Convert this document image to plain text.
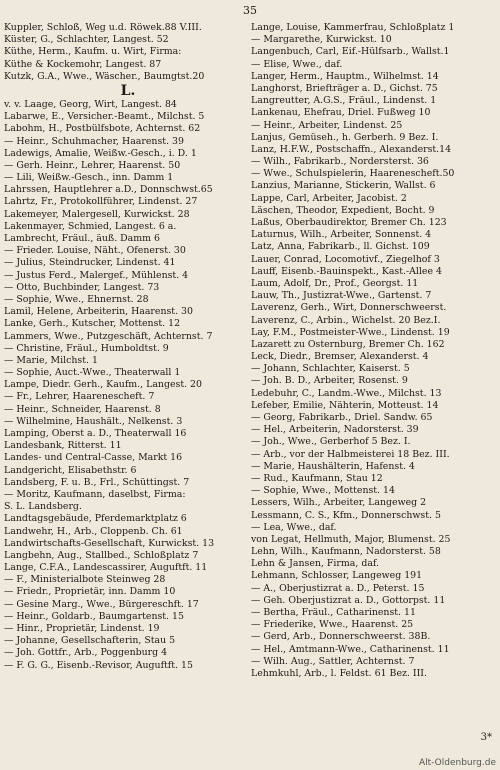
35
Kuppler, Schloß, Weg u.d. Röwek.88 V.III.
Küster, G., Schlachter, Langest. 52
Küthe, Herm., Kaufm. u. Wirt, Firma:
Küthe & Kockemohr, Langest. 87
Kutzk, G.A., Wwe., Wäscher., Baumgtst.20
L.
v. v. Laage, Georg, Wirt, Langest. 84
Labarwe, E., Versicher.-Beamt., Milchst. 5
Labohm, H., Postbülfsbote, Achternst. 62
— Heinr., Schuhmacher, Haarenst. 39
Ladewigs, Amalie, Weißw.-Gesch., i. D. 1
— Gerh. Heinr., Lehrer, Haarenst. 50
— Lili, Weißw.-Gesch., inn. Damm 1
Lahrssen, Hauptlehrer a.D., Donnschwst.65
Lahrtz, Fr., Protokollführer, Lindenst. 27
Lakemeyer, Malergesell, Kurwickst. 28
Lakenmayer, Schmied, Langest. 6 a.
Lambrecht, Fräul., äuß. Damm 6
— Frieder. Louise, Näht., Ofenerst. 30
— Julius, Steindrucker, Lindenst. 41
— Justus Ferd., Malergef., Mühlenst. 4
— Otto, Buchbinder, Langest. 73
— Sophie, Wwe., Ehnernst. 28
Lamil, Helene, Arbeiterin, Haarenst. 30
Lanke, Gerh., Kutscher, Mottenst. 12
Lammers, Wwe., Putzgeschäft, Achternst. 7
— Christine, Fräul., Humboldtst. 9
— Marie, Milchst. 1
— Sophie, Auct.-Wwe., Theaterwall 1
Lampe, Diedr. Gerh., Kaufm., Langest. 20
— Fr., Lehrer, Haarenescheft. 7
— Heinr., Schneider, Haarenst. 8
— Wilhelmine, Haushält., Nelkenst. 3
Lamping, Oberst a. D., Theaterwall 16
Landesbank, Ritterst. 11
Landes- und Central-Casse, Markt 16
Landgericht, Elisabethstr. 6
Landsberg, F. u. B., Frl., Schüttingst. 7
— Moritz, Kaufmann, daselbst, Firma:
S. L. Landsberg.
Landtagsgebäude, Pferdemarktplatz 6
Landwehr, H., Arb., Cloppenb. Ch. 61
Landwirtschafts-Gesellschaft, Kurwickst. 13
Langbehn, Aug., Stallbed., Schloßplatz 7
Lange, C.F.A., Landescassirer, Auguftft. 11
— F., Ministerialbote Steinweg 28
— Friedr., Proprietär, inn. Damm 10
— Gesine Marg., Wwe., Bürgereschft. 17
— Heinr., Goldarb., Baumgartenst. 15
— Hinr., Proprietär, Lindenst. 19
— Johanne, Gesellschafterin, Stau 5
— Joh. Gottfr., Arb., Poggenburg 4
— F. G. G., Eisenb.-Revisor, Auguftft. 15
Lange, Louise, Kammerfrau, Schloßplatz 1
— Margarethe, Kurwickst. 10
Langenbuch, Carl, Eif.-Hülfsarb., Wallst.1
— Elise, Wwe., daf.
Langer, Herm., Hauptm., Wilhelmst. 14
Langhorst, Briefträger a. D., Gichst. 75
Langreutter, A.G.S., Fräul., Lindenst. 1
Lankenau, Ehefrau, Driel. Fußweg 10
— Heinr., Arbeiter, Lindenst. 25
Lanjus, Gemüseh., h. Gerberh. 9 Bez. I.
Lanz, H.F.W., Postschaffn., Alexanderst.14
— Wilh., Fabrikarb., Nordersterst. 36
— Wwe., Schulspielerin, Haarenescheft.50
Lanzius, Marianne, Stickerin, Wallst. 6
Lappe, Carl, Arbeiter, Jacobist. 2
Läschen, Theodor, Expedient, Bocht. 9
Laßus, Oberbaudirektor, Bremer Ch. 123
Laturnus, Wilh., Arbeiter, Sonnenst. 4
Latz, Anna, Fabrikarb., ll. Gichst. 109
Lauer, Conrad, Locomotivf., Ziegelhof 3
Lauff, Eisenb.-Bauinspekt., Kast.-Allee 4
Laum, Adolf, Dr., Prof., Georgst. 11
Lauw, Th., Justizrat-Wwe., Gartenst. 7
Laverenz, Gerh., Wirt, Donnerschweerst.
Laverenz, C., Arbin., Wichelst. 20 Bez.I.
Lay, F.M., Postmeister-Wwe., Lindenst. 19
Lazarett zu Osternburg, Bremer Ch. 162
Leck, Diedr., Bremser, Alexanderst. 4
— Johann, Schlachter, Kaiserst. 5
— Joh. B. D., Arbeiter, Rosenst. 9
Ledebuhr, C., Landm.-Wwe., Milchst. 13
Lefeber, Emilie, Nähterin, Motteust. 14
— Georg, Fabrikarb., Driel. Sandw. 65
— Hel., Arbeiterin, Nadorsterst. 39
— Joh., Wwe., Gerberhof 5 Bez. I.
— Arb., vor der Halbmeisterei 18 Bez. III.
— Marie, Haushälterin, Hafenst. 4
— Rud., Kaufmann, Stau 12
— Sophie, Wwe., Mottenst. 14
Lessers, Wilh., Arbeiter, Langeweg 2
Lessmann, C. S., Kfm., Donnerschwst. 5
— Lea, Wwe., daf.
von Legat, Hellmuth, Major, Blumenst. 25
Lehn, Wilh., Kaufmann, Nadorsterst. 58
Lehn & Jansen, Firma, daf.
Lehmann, Schlosser, Langeweg 191
— A., Oberjustizrat a. D., Peterst. 15
— Geh. Oberjustizrat a. D., Gottorpst. 11
— Bertha, Fräul., Catharinenst. 11
— Friederike, Wwe., Haarenst. 25
— Gerd, Arb., Donnerschweerst. 38B.
— Hel., Amtmann-Wwe., Catharinenst. 11
— Wilh. Aug., Sattler, Achternst. 7
Lehmkuhl, Arb., l. Feldst. 61 Bez. III.
3*
Alt-Oldenburg.de
